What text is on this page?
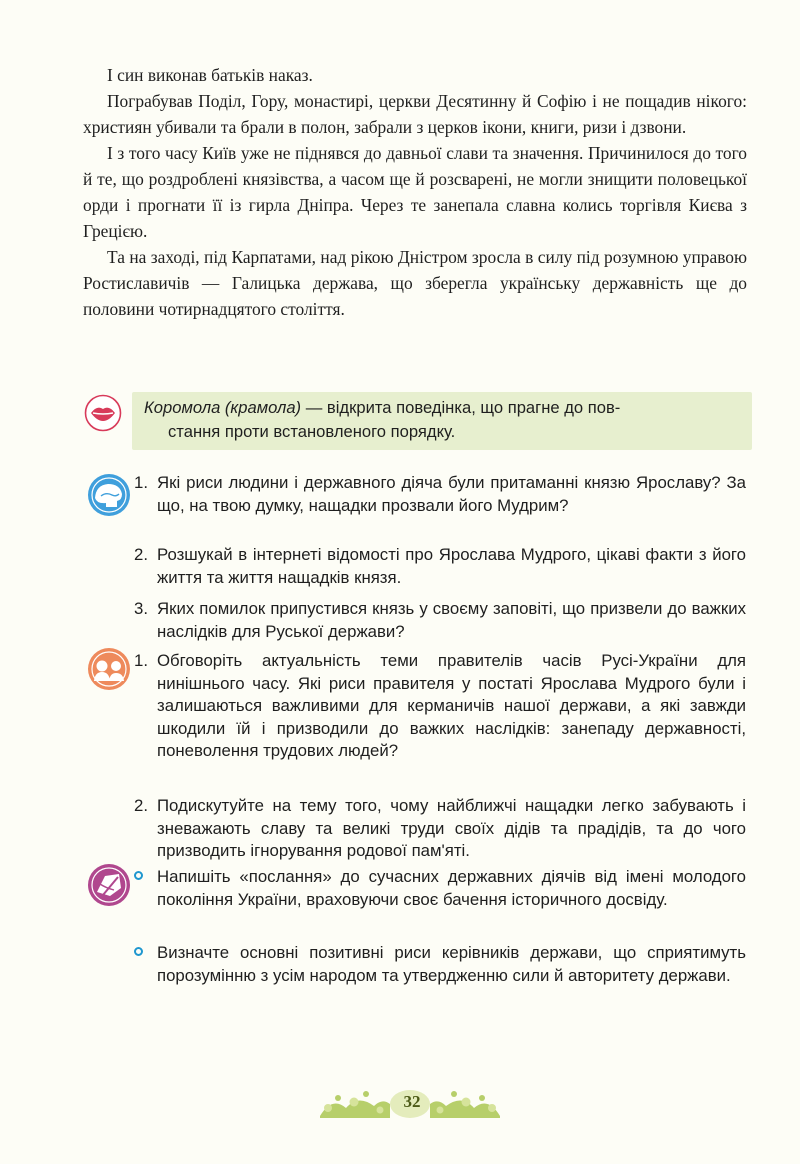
І син виконав батьків наказ.

Пограбував Поділ, Гору, монастирі, церкви Десятинну й Софію і не пощадив нікого: християн убивали та брали в полон, забрали з церков ікони, книги, ризи і дзвони.

І з того часу Київ уже не піднявся до давньої слави та значення. Причинилося до того й те, що роздроблені князівства, а часом ще й розсварені, не могли знищити половецької орди і прогнати її із гирла Дніпра. Через те занепала славна колись торгівля Києва з Грецією.

Та на заході, під Карпатами, над рікою Дністром зросла в силу під розумною управою Ростиславичів — Галицька держава, що зберегла українську державність ще до половини чотирнадцятого століття.

Коромола (крамола) — відкрита поведінка, що прагне до пов-
стання проти встановленого порядку.
1. Які риси людини і державного діяча були притаманні князю Ярославу? За що, на твою думку, нащадки прозвали його Мудрим?
2. Розшукай в інтернеті відомості про Ярослава Мудрого, цікаві факти з його життя та життя нащадків князя.
3. Яких помилок припустився князь у своєму заповіті, що призвели до важких наслідків для Руської держави?
1. Обговоріть актуальність теми правителів часів Русі-України для нинішнього часу. Які риси правителя у постаті Ярослава Мудрого були і залишаються важливими для керманичів нашої держави, а які завжди шкодили їй і призводили до важких наслідків: занепаду державності, поневолення трудових людей?
2. Подискутуйте на тему того, чому найближчі нащадки легко забувають і зневажають славу та великі труди своїх дідів та прадідів, та до чого призводить ігнорування родової пам'яті.
Напишіть «послання» до сучасних державних діячів від імені молодого покоління України, враховуючи своє бачення історичного досвіду.
Визначте основні позитивні риси керівників держави, що сприятимуть порозумінню з усім народом та утвердженню сили й авторитету держави.
32
